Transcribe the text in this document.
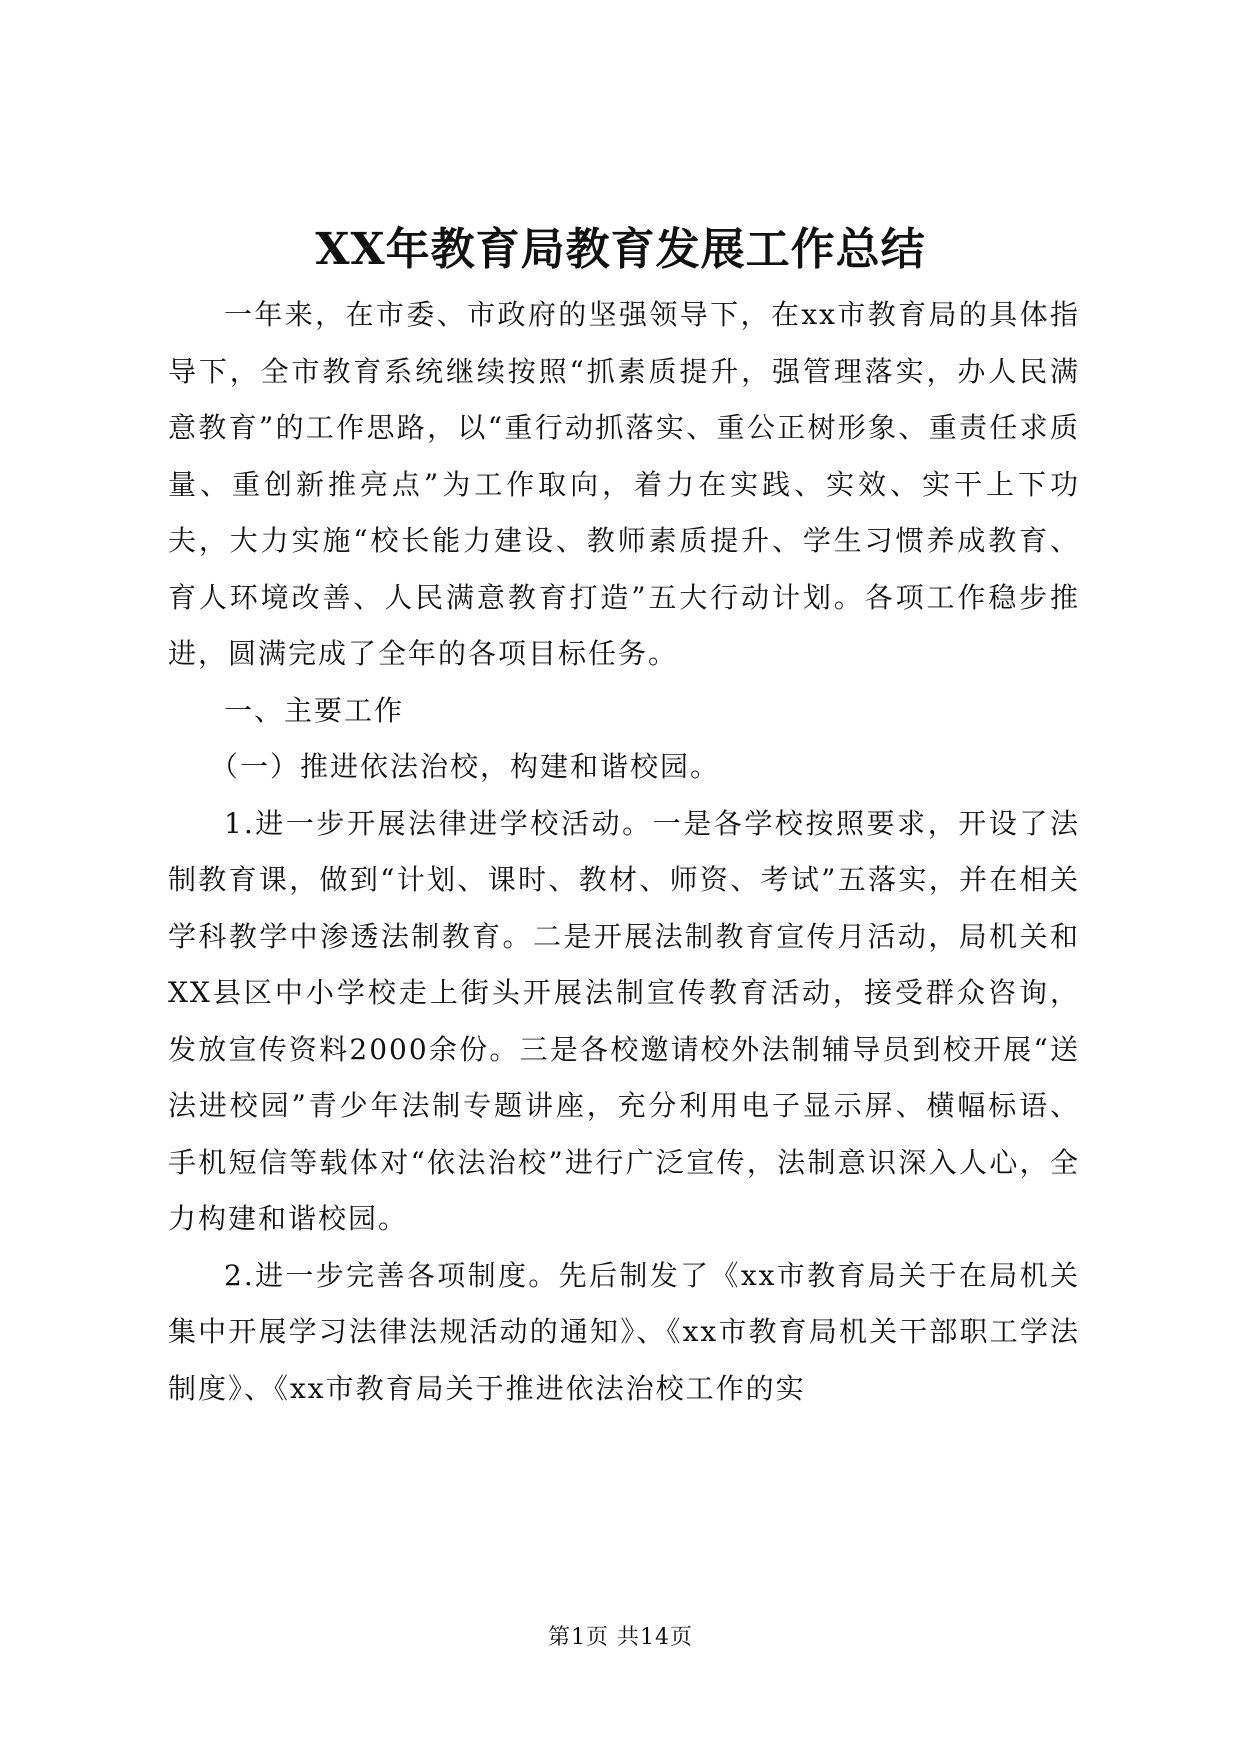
XX年教育局教育发展工作总结

一年来，在市委、市政府的坚强领导下，在xx市教育局的具体指导下，全市教育系统继续按照“抓素质提升，强管理落实，办人民满意教育”的工作思路，以“重行动抓落实、重公正树形象、重责任求质量、重创新推亮点”为工作取向，着力在实践、实效、实干上下功夫，大力实施“校长能力建设、教师素质提升、学生习惯养成教育、育人环境改善、人民满意教育打造”五大行动计划。各项工作稳步推进，圆满完成了全年的各项目标任务。

一、主要工作

（一）推进依法治校，构建和谐校园。

1.进一步开展法律进学校活动。一是各学校按照要求，开设了法制教育课，做到“计划、课时、教材、师资、考试”五落实，并在相关学科教学中渗透法制教育。二是开展法制教育宣传月活动，局机关和XX县区中小学校走上街头开展法制宣传教育活动，接受群众咨询，发放宣传资料2000余份。三是各校邀请校外法制辅导员到校开展“送法进校园”青少年法制专题讲座，充分利用电子显示屏、横幅标语、手机短信等载体对“依法治校”进行广泛宣传，法制意识深入人心，全力构建和谐校园。

2.进一步完善各项制度。先后制发了《xx市教育局关于在局机关集中开展学习法律法规活动的通知》、《xx市教育局机关干部职工学法制度》、《xx市教育局关于推进依法治校工作的实

第1页 共14页
